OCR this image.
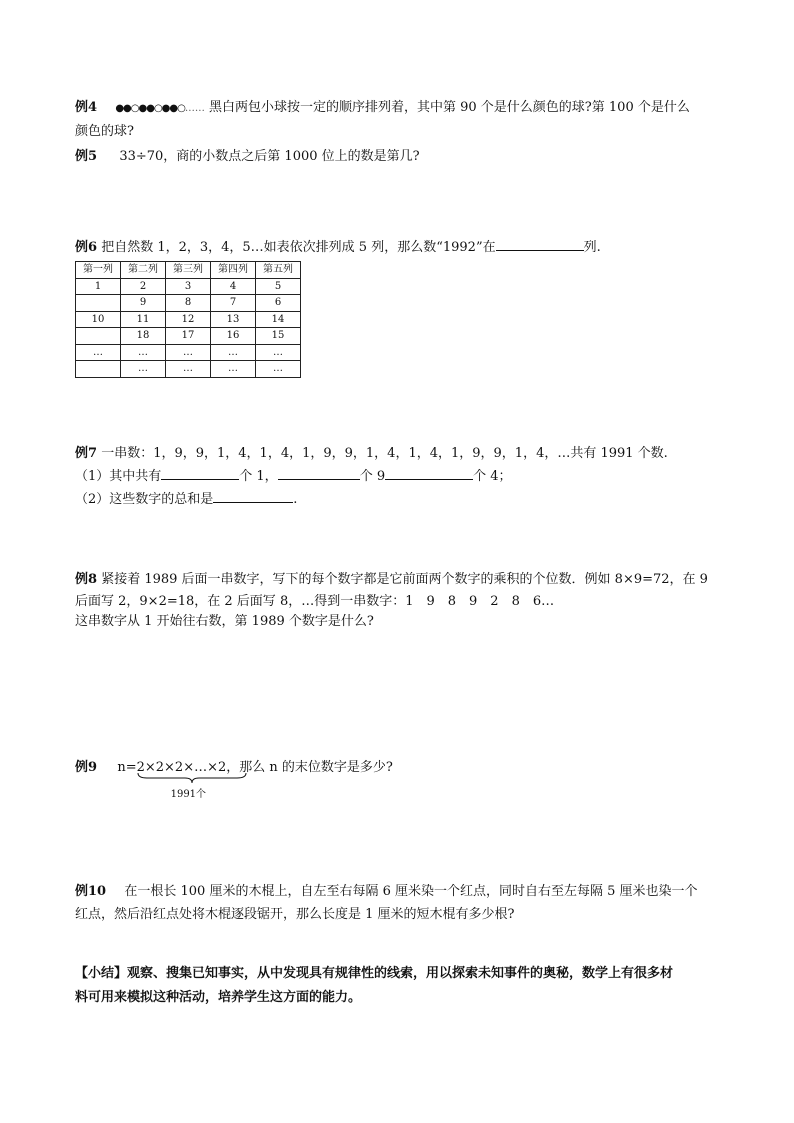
例4 ●●○●●○●●○…… 黑白两包小球按一定的顺序排列着，其中第 90 个是什么颜色的球?第 100 个是什么
颜色的球?
例5 33÷70，商的小数点之后第 1000 位上的数是第几?
例6 把自然数 1，2，3，4，5…如表依次排列成 5 列，那么数“1992”在	列.
第一列	第二列	第三列	第四列	第五列
1	2	3	4	5
	9	8	7	6
10	11	12	13	14
	18	17	16	15
…	…	…	…	…
	…	…	…	…
例7 一串数：1，9，9，1，4，1，4，1，9，9，1，4，1，4，1，9，9，1，4，…共有 1991 个数.
（1）其中共有	个 1，	个 9	个 4；
（2）这些数字的总和是	.
例8 紧接着 1989 后面一串数字，写下的每个数字都是它前面两个数字的乘积的个位数．例如 8×9=72，在 9
后面写 2，9×2=18，在 2 后面写 8，…得到一串数字：1　9　8　9　2　8　6…
这串数字从 1 开始往右数，第 1989 个数字是什么?
例9 n=2×2×2×…×2
1991个
，那么 n 的末位数字是多少?
例10 在一根长 100 厘米的木棍上，自左至右每隔 6 厘米染一个红点，同时自右至左每隔 5 厘米也染一个
红点，然后沿红点处将木棍逐段锯开，那么长度是 1 厘米的短木棍有多少根?
【小结】观察、搜集已知事实，从中发现具有规律性的线索，用以探索未知事件的奥秘，数学上有很多材
料可用来模拟这种活动，培养学生这方面的能力。
